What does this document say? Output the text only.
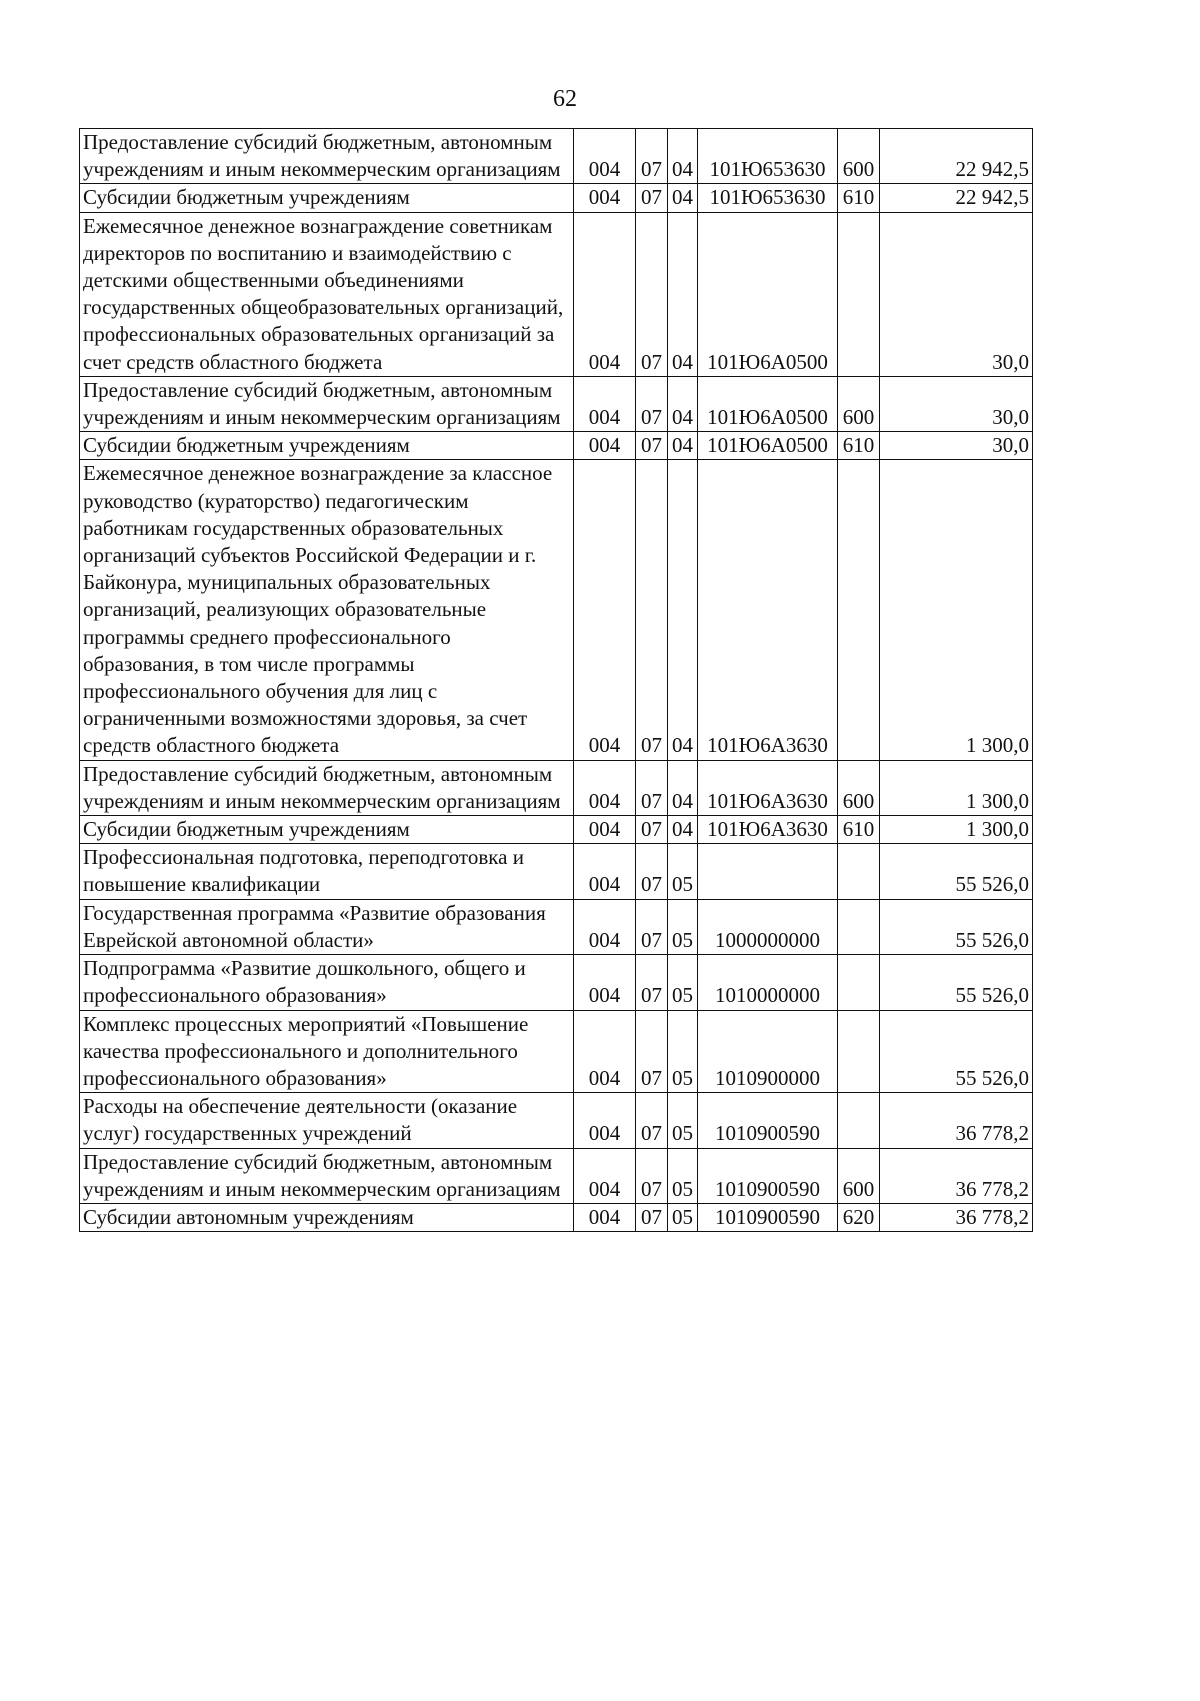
62
Предоставление субсидий бюджетным, автономным учреждениям и иным некоммерческим организациям	004	07	04	101Ю653630	600	22 942,5
Субсидии бюджетным учреждениям	004	07	04	101Ю653630	610	22 942,5
Ежемесячное денежное вознаграждение советникам директоров по воспитанию и взаимодействию с детскими общественными объединениями государственных общеобразовательных организаций, профессиональных образовательных организаций за счет средств областного бюджета	004	07	04	101Ю6А0500		30,0
Предоставление субсидий бюджетным, автономным учреждениям и иным некоммерческим организациям	004	07	04	101Ю6А0500	600	30,0
Субсидии бюджетным учреждениям	004	07	04	101Ю6А0500	610	30,0
Ежемесячное денежное вознаграждение за классное руководство (кураторство) педагогическим работникам государственных образовательных организаций субъектов Российской Федерации и г. Байконура, муниципальных образовательных организаций, реализующих образовательные программы среднего профессионального образования, в том числе программы профессионального обучения для лиц с ограниченными возможностями здоровья, за счет средств областного бюджета	004	07	04	101Ю6А3630		1 300,0
Предоставление субсидий бюджетным, автономным учреждениям и иным некоммерческим организациям	004	07	04	101Ю6А3630	600	1 300,0
Субсидии бюджетным учреждениям	004	07	04	101Ю6А3630	610	1 300,0
Профессиональная подготовка, переподготовка и повышение квалификации	004	07	05			55 526,0
Государственная программа «Развитие образования Еврейской автономной области»	004	07	05	1000000000		55 526,0
Подпрограмма «Развитие дошкольного, общего и профессионального образования»	004	07	05	1010000000		55 526,0
Комплекс процессных мероприятий «Повышение качества профессионального и дополнительного профессионального образования»	004	07	05	1010900000		55 526,0
Расходы на обеспечение деятельности (оказание услуг) государственных учреждений	004	07	05	1010900590		36 778,2
Предоставление субсидий бюджетным, автономным учреждениям и иным некоммерческим организациям	004	07	05	1010900590	600	36 778,2
Субсидии автономным учреждениям	004	07	05	1010900590	620	36 778,2
